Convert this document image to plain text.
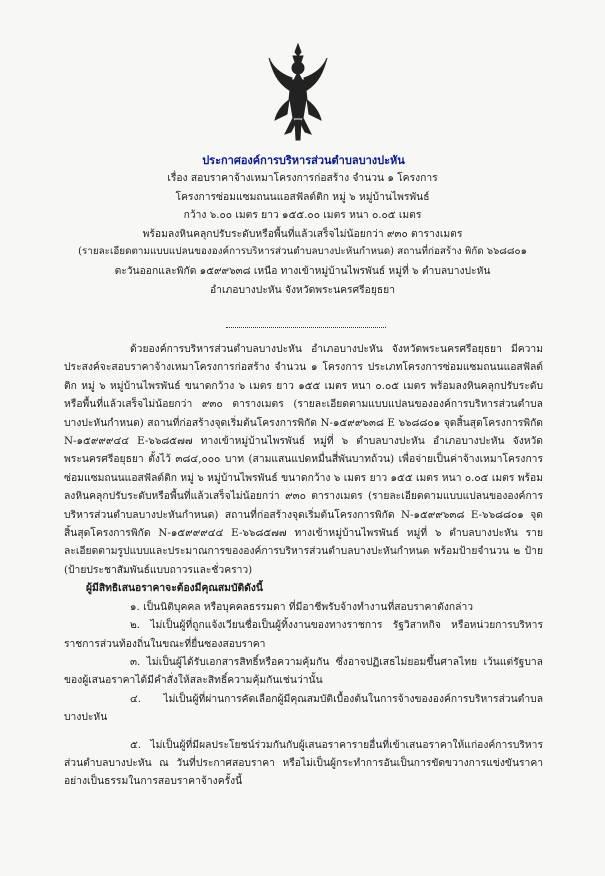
ประกาศองค์การบริหารส่วนตำบลบางปะหัน
เรื่อง สอบราคาจ้างเหมาโครงการก่อสร้าง จำนวน ๑ โครงการ
โครงการซ่อมแซมถนนแอสฟัลต์ติก หมู่ ๖ หมู่บ้านไพรพันธ์
กว้าง ๖.๐๐ เมตร ยาว ๑๕๕.๐๐ เมตร หนา ๐.๐๕ เมตร
พร้อมลงหินคลุกปรับระดับหรือพื้นที่แล้วเสร็จไม่น้อยกว่า ๙๓๐ ตารางเมตร
(รายละเอียดตามแบบแปลนขององค์การบริหารส่วนตำบลบางปะหันกำหนด) สถานที่ก่อสร้าง พิกัด ๖๖๘๘๐๑
ตะวันออกและพิกัด ๑๕๙๙๖๓๘ เหนือ ทางเข้าหมู่บ้านไพรพันธ์ หมู่ที่ ๖ ตำบลบางปะหัน
อำเภอบางปะหัน จังหวัดพระนครศรีอยุธยา

ด้วยองค์การบริหารส่วนตำบลบางปะหัน อำเภอบางปะหัน จังหวัดพระนครศรีอยุธยา มีความประสงค์จะสอบราคาจ้างเหมาโครงการก่อสร้าง จำนวน ๑ โครงการ ประเภทโครงการซ่อมแซมถนนแอสฟัลต์ติก หมู่ ๖ หมู่บ้านไพรพันธ์ ขนาดกว้าง ๖ เมตร ยาว ๑๕๕ เมตร หนา ๐.๐๕ เมตร พร้อมลงหินคลุกปรับระดับหรือพื้นที่แล้วเสร็จไม่น้อยกว่า ๙๓๐ ตารางเมตร (รายละเอียดตามแบบแปลนขององค์การบริหารส่วนตำบลบางปะหันกำหนด) สถานที่ก่อสร้างจุดเริ่มต้นโครงการพิกัด N-๑๕๙๙๖๓๘ E ๖๖๘๘๐๑ จุดสิ้นสุดโครงการพิกัด N-๑๕๙๙๙๔๔ E-๖๖๘๕๗๗ ทางเข้าหมู่บ้านไพรพันธ์ หมู่ที่ ๖ ตำบลบางปะหัน อำเภอบางปะหัน จังหวัดพระนครศรีอยุธยา ตั้งไว้ ๓๘๔,๐๐๐ บาท (สามแสนแปดหมื่นสี่พันบาทถ้วน) เพื่อจ่ายเป็นค่าจ้างเหมาโครงการซ่อมแซมถนนแอสฟัลต์ติก หมู่ ๖ หมู่บ้านไพรพันธ์ ขนาดกว้าง ๖ เมตร ยาว ๑๕๕ เมตร หนา ๐.๐๕ เมตร พร้อมลงหินคลุกปรับระดับหรือพื้นที่แล้วเสร็จไม่น้อยกว่า ๙๓๐ ตารางเมตร (รายละเอียดตามแบบแปลนขององค์การบริหารส่วนตำบลบางปะหันกำหนด) สถานที่ก่อสร้างจุดเริ่มต้นโครงการพิกัด N-๑๕๙๙๖๓๘ E-๖๖๘๘๐๑ จุดสิ้นสุดโครงการพิกัด N-๑๕๙๙๙๔๔ E-๖๖๘๕๗๗ ทางเข้าหมู่บ้านไพรพันธ์ หมู่ที่ ๖ ตำบลบางปะหัน รายละเอียดตามรูปแบบและประมาณการขององค์การบริหารส่วนตำบลบางปะหันกำหนด พร้อมป้ายจำนวน ๒ ป้าย (ป้ายประชาสัมพันธ์แบบถาวรและชั่วคราว)

ผู้มีสิทธิเสนอราคาจะต้องมีคุณสมบัติดังนี้

๑. เป็นนิติบุคคล หรือบุคคลธรรมดา ที่มีอาชีพรับจ้างทำงานที่สอบราคาดังกล่าว

๒. ไม่เป็นผู้ที่ถูกแจ้งเวียนชื่อเป็นผู้ทิ้งงานของทางราชการ รัฐวิสาหกิจ หรือหน่วยการบริหารราชการส่วนท้องถิ่นในขณะที่ยื่นซองสอบราคา

๓. ไม่เป็นผู้ได้รับเอกสารสิทธิ์หรือความคุ้มกัน ซึ่งอาจปฏิเสธไม่ยอมขึ้นศาลไทย เว้นแต่รัฐบาลของผู้เสนอราคาได้มีคำสั่งให้สละสิทธิ์ความคุ้มกันเช่นว่านั้น

๔. ไม่เป็นผู้ที่ผ่านการคัดเลือกผู้มีคุณสมบัติเบื้องต้นในการจ้างขององค์การบริหารส่วนตำบลบางปะหัน

๕. ไม่เป็นผู้ที่มีผลประโยชน์ร่วมกันกับผู้เสนอราคารายอื่นที่เข้าเสนอราคาให้แก่องค์การบริหารส่วนตำบลบางปะหัน ณ วันที่ประกาศสอบราคา หรือไม่เป็นผู้กระทำการอันเป็นการขัดขวางการแข่งขันราคาอย่างเป็นธรรมในการสอบราคาจ้างครั้งนี้
